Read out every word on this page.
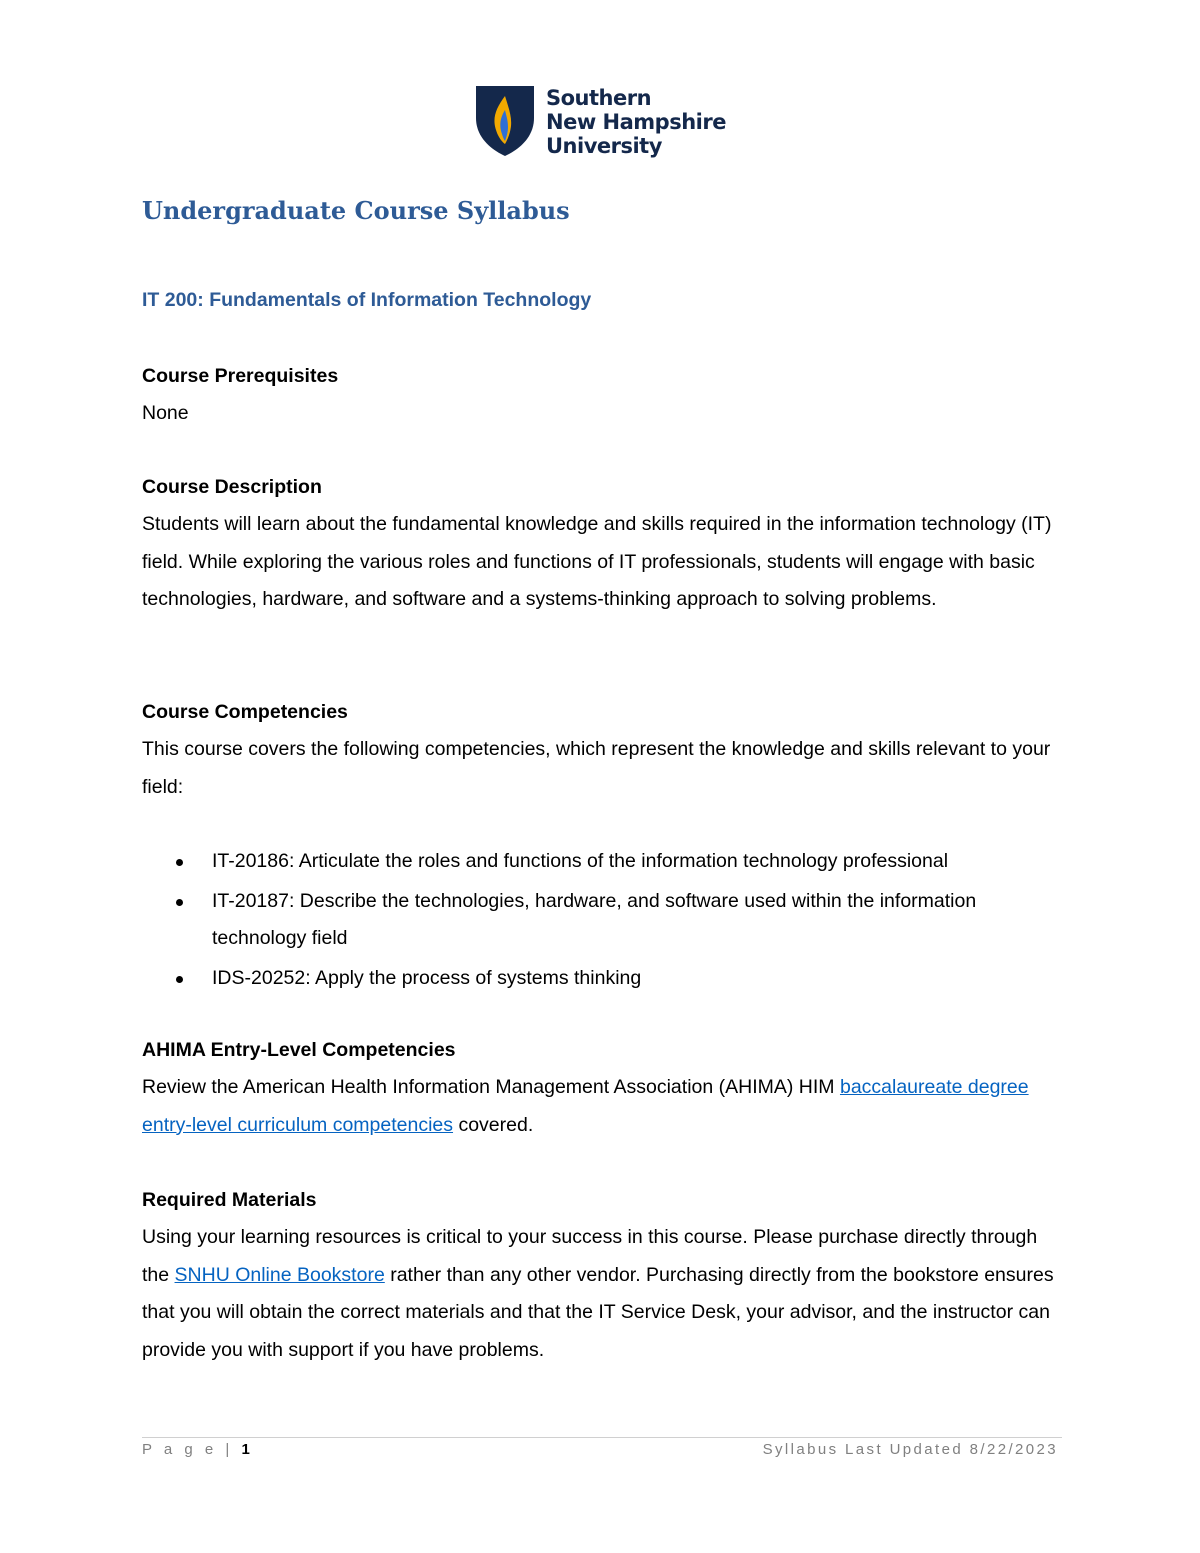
Southern
New Hampshire
University
Undergraduate Course Syllabus
IT 200: Fundamentals of Information Technology
Course Prerequisites
None
Course Description
Students will learn about the fundamental knowledge and skills required in the information technology (IT) field. While exploring the various roles and functions of IT professionals, students will engage with basic technologies, hardware, and software and a systems-thinking approach to solving problems.
Course Competencies
This course covers the following competencies, which represent the knowledge and skills relevant to your field:
IT-20186: Articulate the roles and functions of the information technology professional
IT-20187: Describe the technologies, hardware, and software used within the information technology field
IDS-20252: Apply the process of systems thinking
AHIMA Entry-Level Competencies
Review the American Health Information Management Association (AHIMA) HIM baccalaureate degree entry-level curriculum competencies covered.
Required Materials
Using your learning resources is critical to your success in this course. Please purchase directly through the SNHU Online Bookstore rather than any other vendor. Purchasing directly from the bookstore ensures that you will obtain the correct materials and that the IT Service Desk, your advisor, and the instructor can provide you with support if you have problems.
P a g e | 1	Syllabus Last Updated 8/22/2023
